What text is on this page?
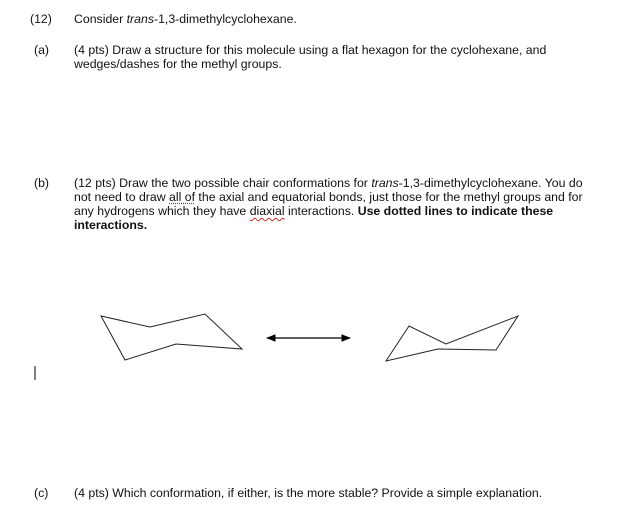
(12) Consider trans-1,3-dimethylcyclohexane.
(a) (4 pts) Draw a structure for this molecule using a flat hexagon for the cyclohexane, and
wedges/dashes for the methyl groups.
(b) (12 pts) Draw the two possible chair conformations for trans-1,3-dimethylcyclohexane. You do
not need to draw all of the axial and equatorial bonds, just those for the methyl groups and for
any hydrogens which they have diaxial interactions. Use dotted lines to indicate these
interactions.
(c) (4 pts) Which conformation, if either, is the more stable? Provide a simple explanation.
